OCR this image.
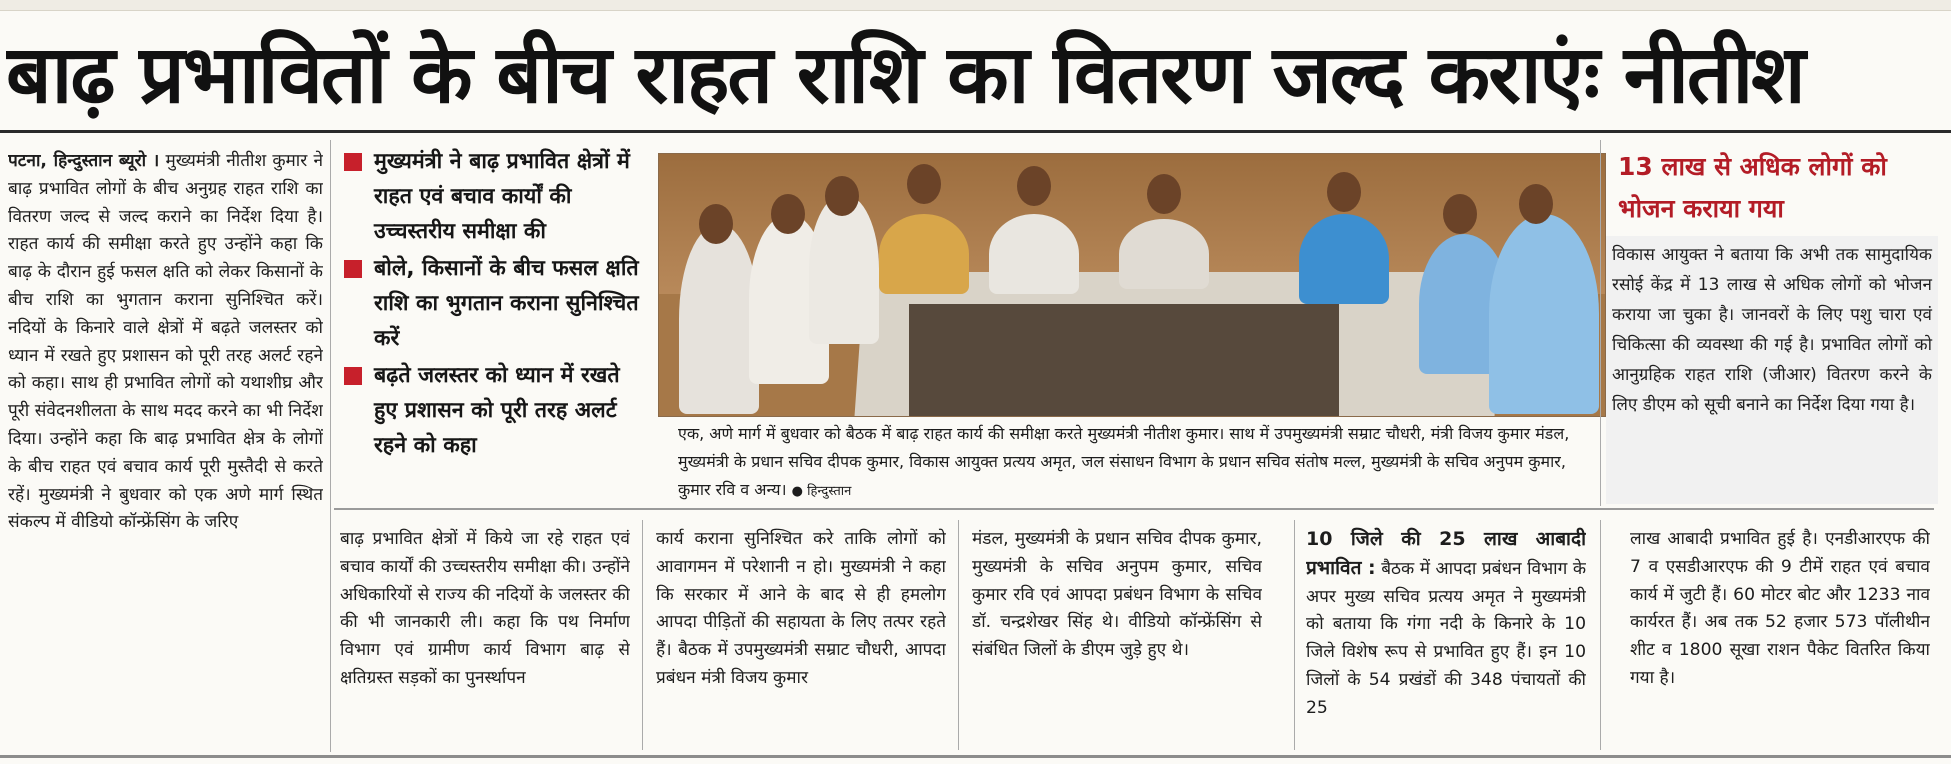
बाढ़ प्रभावितों के बीच राहत राशि का वितरण जल्द कराएंः नीतीश
पटना, हिन्दुस्तान ब्यूरो । मुख्यमंत्री नीतीश कुमार ने बाढ़ प्रभावित लोगों के बीच अनुग्रह राहत राशि का वितरण जल्द से जल्द कराने का निर्देश दिया है। राहत कार्य की समीक्षा करते हुए उन्होंने कहा कि बाढ़ के दौरान हुई फसल क्षति को लेकर किसानों के बीच राशि का भुगतान कराना सुनिश्चित करें। नदियों के किनारे वाले क्षेत्रों में बढ़ते जलस्तर को ध्यान में रखते हुए प्रशासन को पूरी तरह अलर्ट रहने को कहा। साथ ही प्रभावित लोगों को यथाशीघ्र और पूरी संवेदनशीलता के साथ मदद करने का भी निर्देश दिया। उन्होंने कहा कि बाढ़ प्रभावित क्षेत्र के लोगों के बीच राहत एवं बचाव कार्य पूरी मुस्तैदी से करते रहें। मुख्यमंत्री ने बुधवार को एक अणे मार्ग स्थित संकल्प में वीडियो कॉन्फ्रेंसिंग के जरिए
मुख्यमंत्री ने बाढ़ प्रभावित क्षेत्रों में राहत एवं बचाव कार्यों की उच्चस्तरीय समीक्षा की
बोले, किसानों के बीच फसल क्षति राशि का भुगतान कराना सुनिश्चित करें
बढ़ते जलस्तर को ध्यान में रखते हुए प्रशासन को पूरी तरह अलर्ट रहने को कहा	एक, अणे मार्ग में बुधवार को बैठक में बाढ़ राहत कार्य की समीक्षा करते मुख्यमंत्री नीतीश कुमार। साथ में उपमुख्यमंत्री सम्राट चौधरी, मंत्री विजय कुमार मंडल, मुख्यमंत्री के प्रधान सचिव दीपक कुमार, विकास आयुक्त प्रत्यय अमृत, जल संसाधन विभाग के प्रधान सचिव संतोष मल्ल, मुख्यमंत्री के सचिव अनुपम कुमार, कुमार रवि व अन्य। ● हिन्दुस्तान
13 लाख से अधिक लोगों को भोजन कराया गया
विकास आयुक्त ने बताया कि अभी तक सामुदायिक रसोई केंद्र में 13 लाख से अधिक लोगों को भोजन कराया जा चुका है। जानवरों के लिए पशु चारा एवं चिकित्सा की व्यवस्था की गई है। प्रभावित लोगों को आनुग्रहिक राहत राशि (जीआर) वितरण करने के लिए डीएम को सूची बनाने का निर्देश दिया गया है।
बाढ़ प्रभावित क्षेत्रों में किये जा रहे राहत एवं बचाव कार्यों की उच्चस्तरीय समीक्षा की। उन्होंने अधिकारियों से राज्य की नदियों के जलस्तर की की भी जानकारी ली। कहा कि पथ निर्माण विभाग एवं ग्रामीण कार्य विभाग बाढ़ से क्षतिग्रस्त सड़कों का पुनर्स्थापन
कार्य कराना सुनिश्चित करे ताकि लोगों को आवागमन में परेशानी न हो। मुख्यमंत्री ने कहा कि सरकार में आने के बाद से ही हमलोग आपदा पीड़ितों की सहायता के लिए तत्पर रहते हैं। बैठक में उपमुख्यमंत्री सम्राट चौधरी, आपदा प्रबंधन मंत्री विजय कुमार
मंडल, मुख्यमंत्री के प्रधान सचिव दीपक कुमार, मुख्यमंत्री के सचिव अनुपम कुमार, सचिव कुमार रवि एवं आपदा प्रबंधन विभाग के सचिव डॉ. चन्द्रशेखर सिंह थे। वीडियो कॉन्फ्रेंसिंग से संबंधित जिलों के डीएम जुड़े हुए थे।
10 जिले की 25 लाख आबादी प्रभावित : बैठक में आपदा प्रबंधन विभाग के अपर मुख्य सचिव प्रत्यय अमृत ने मुख्यमंत्री को बताया कि गंगा नदी के किनारे के 10 जिले विशेष रूप से प्रभावित हुए हैं। इन 10 जिलों के 54 प्रखंडों की 348 पंचायतों की 25
लाख आबादी प्रभावित हुई है। एनडीआरएफ की 7 व एसडीआरएफ की 9 टीमें राहत एवं बचाव कार्य में जुटी हैं। 60 मोटर बोट और 1233 नाव कार्यरत हैं। अब तक 52 हजार 573 पॉलीथीन शीट व 1800 सूखा राशन पैकेट वितरित किया गया है।
